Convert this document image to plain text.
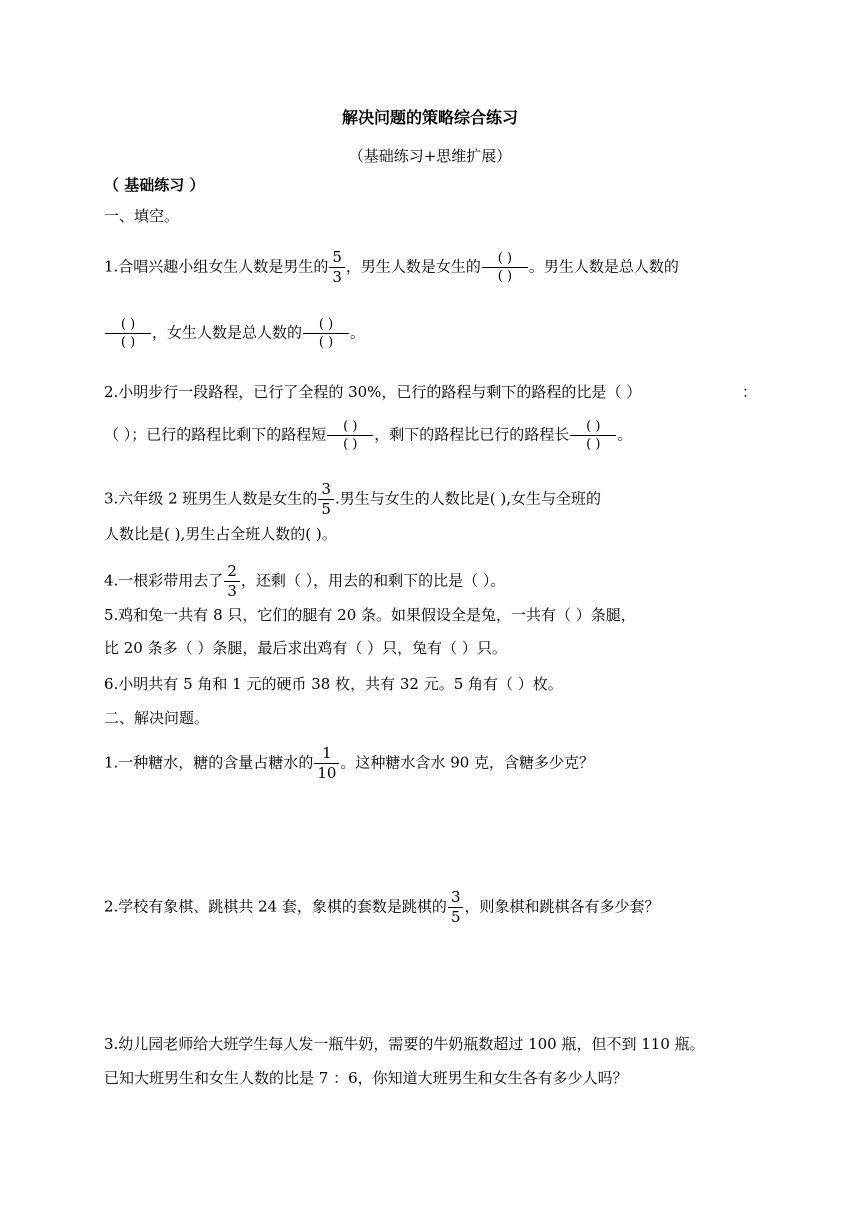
解决问题的策略综合练习
（基础练习+思维扩展）
（ 基础练习 ）
一、填空。
1.合唱兴趣小组女生人数是男生的 $\frac{5}{3}$ ，男生人数是女生的 $\frac{( )}{( )}$ 。男生人数是总人数的
$\frac{( )}{( )}$ ，女生人数是总人数的 $\frac{( )}{( )}$ 。
2.小明步行一段路程，已行了全程的 30%，已行的路程与剩下的路程的比是（ ）	：
（ ）；已行的路程比剩下的路程短 $\frac{( )}{( )}$ ，剩下的路程比已行的路程长 $\frac{( )}{( )}$ 。
3.六年级 2 班男生人数是女生的 $\frac{3}{5}$ .男生与女生的人数比是( ),女生与全班的
人数比是( ),男生占全班人数的( )。
4.一根彩带用去了 $\frac{2}{3}$ ，还剩（ ），用去的和剩下的比是（ ）。
5.鸡和兔一共有 8 只，它们的腿有 20 条。如果假设全是兔，一共有（ ）条腿，
比 20 条多（ ）条腿，最后求出鸡有（ ）只，兔有（ ）只。
6.小明共有 5 角和 1 元的硬币 38 枚，共有 32 元。5 角有（ ）枚。
二、解决问题。
1.一种糖水，糖的含量占糖水的 $\frac{1}{10}$ 。这种糖水含水 90 克，含糖多少克？
2.学校有象棋、跳棋共 24 套，象棋的套数是跳棋的 $\frac{3}{5}$ ，则象棋和跳棋各有多少套？
3.幼儿园老师给大班学生每人发一瓶牛奶，需要的牛奶瓶数超过 100 瓶，但不到 110 瓶。
已知大班男生和女生人数的比是 7 ：6，你知道大班男生和女生各有多少人吗？
